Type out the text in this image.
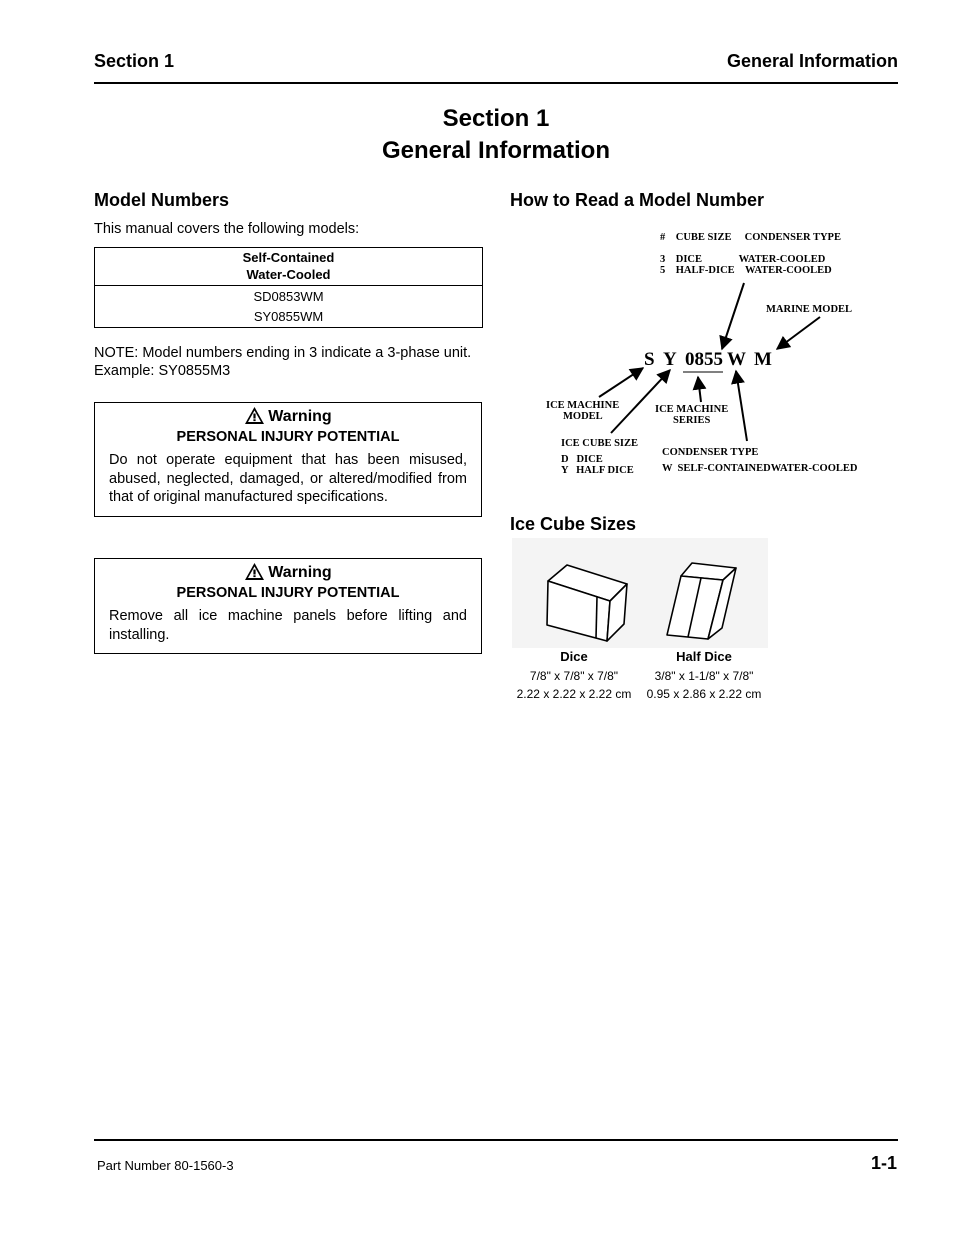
Section 1	General Information
Section 1
General Information
Model Numbers
This manual covers the following models:
Self-Contained
Water-Cooled

SD0853WM
SY0855WM
NOTE: Model numbers ending in 3 indicate a 3-phase unit. Example: SY0855M3
Warning
PERSONAL INJURY POTENTIAL
Do not operate equipment that has been misused, abused, neglected, damaged, or altered/modified from that of original manufactured specifications.
Warning
PERSONAL INJURY POTENTIAL
Remove all ice machine panels before lifting and installing.
How to Read a Model Number
#    CUBE SIZE     CONDENSER TYPE
3    DICE              WATER-COOLED
5    HALF-DICE    WATER-COOLED
MARINE MODEL
S Y 0855 W M
ICE MACHINE
MODEL
ICE MACHINE
SERIES
ICE CUBE SIZE
D   DICE
Y   HALF DICE
CONDENSER TYPE
W  SELF-CONTAINEDWATER-COOLED
Ice Cube Sizes
Dice
7/8" x 7/8" x 7/8"
2.22 x 2.22 x 2.22 cm
Half Dice
3/8" x 1-1/8" x 7/8"
0.95 x 2.86 x 2.22 cm
Part Number 80-1560-3	1-1
